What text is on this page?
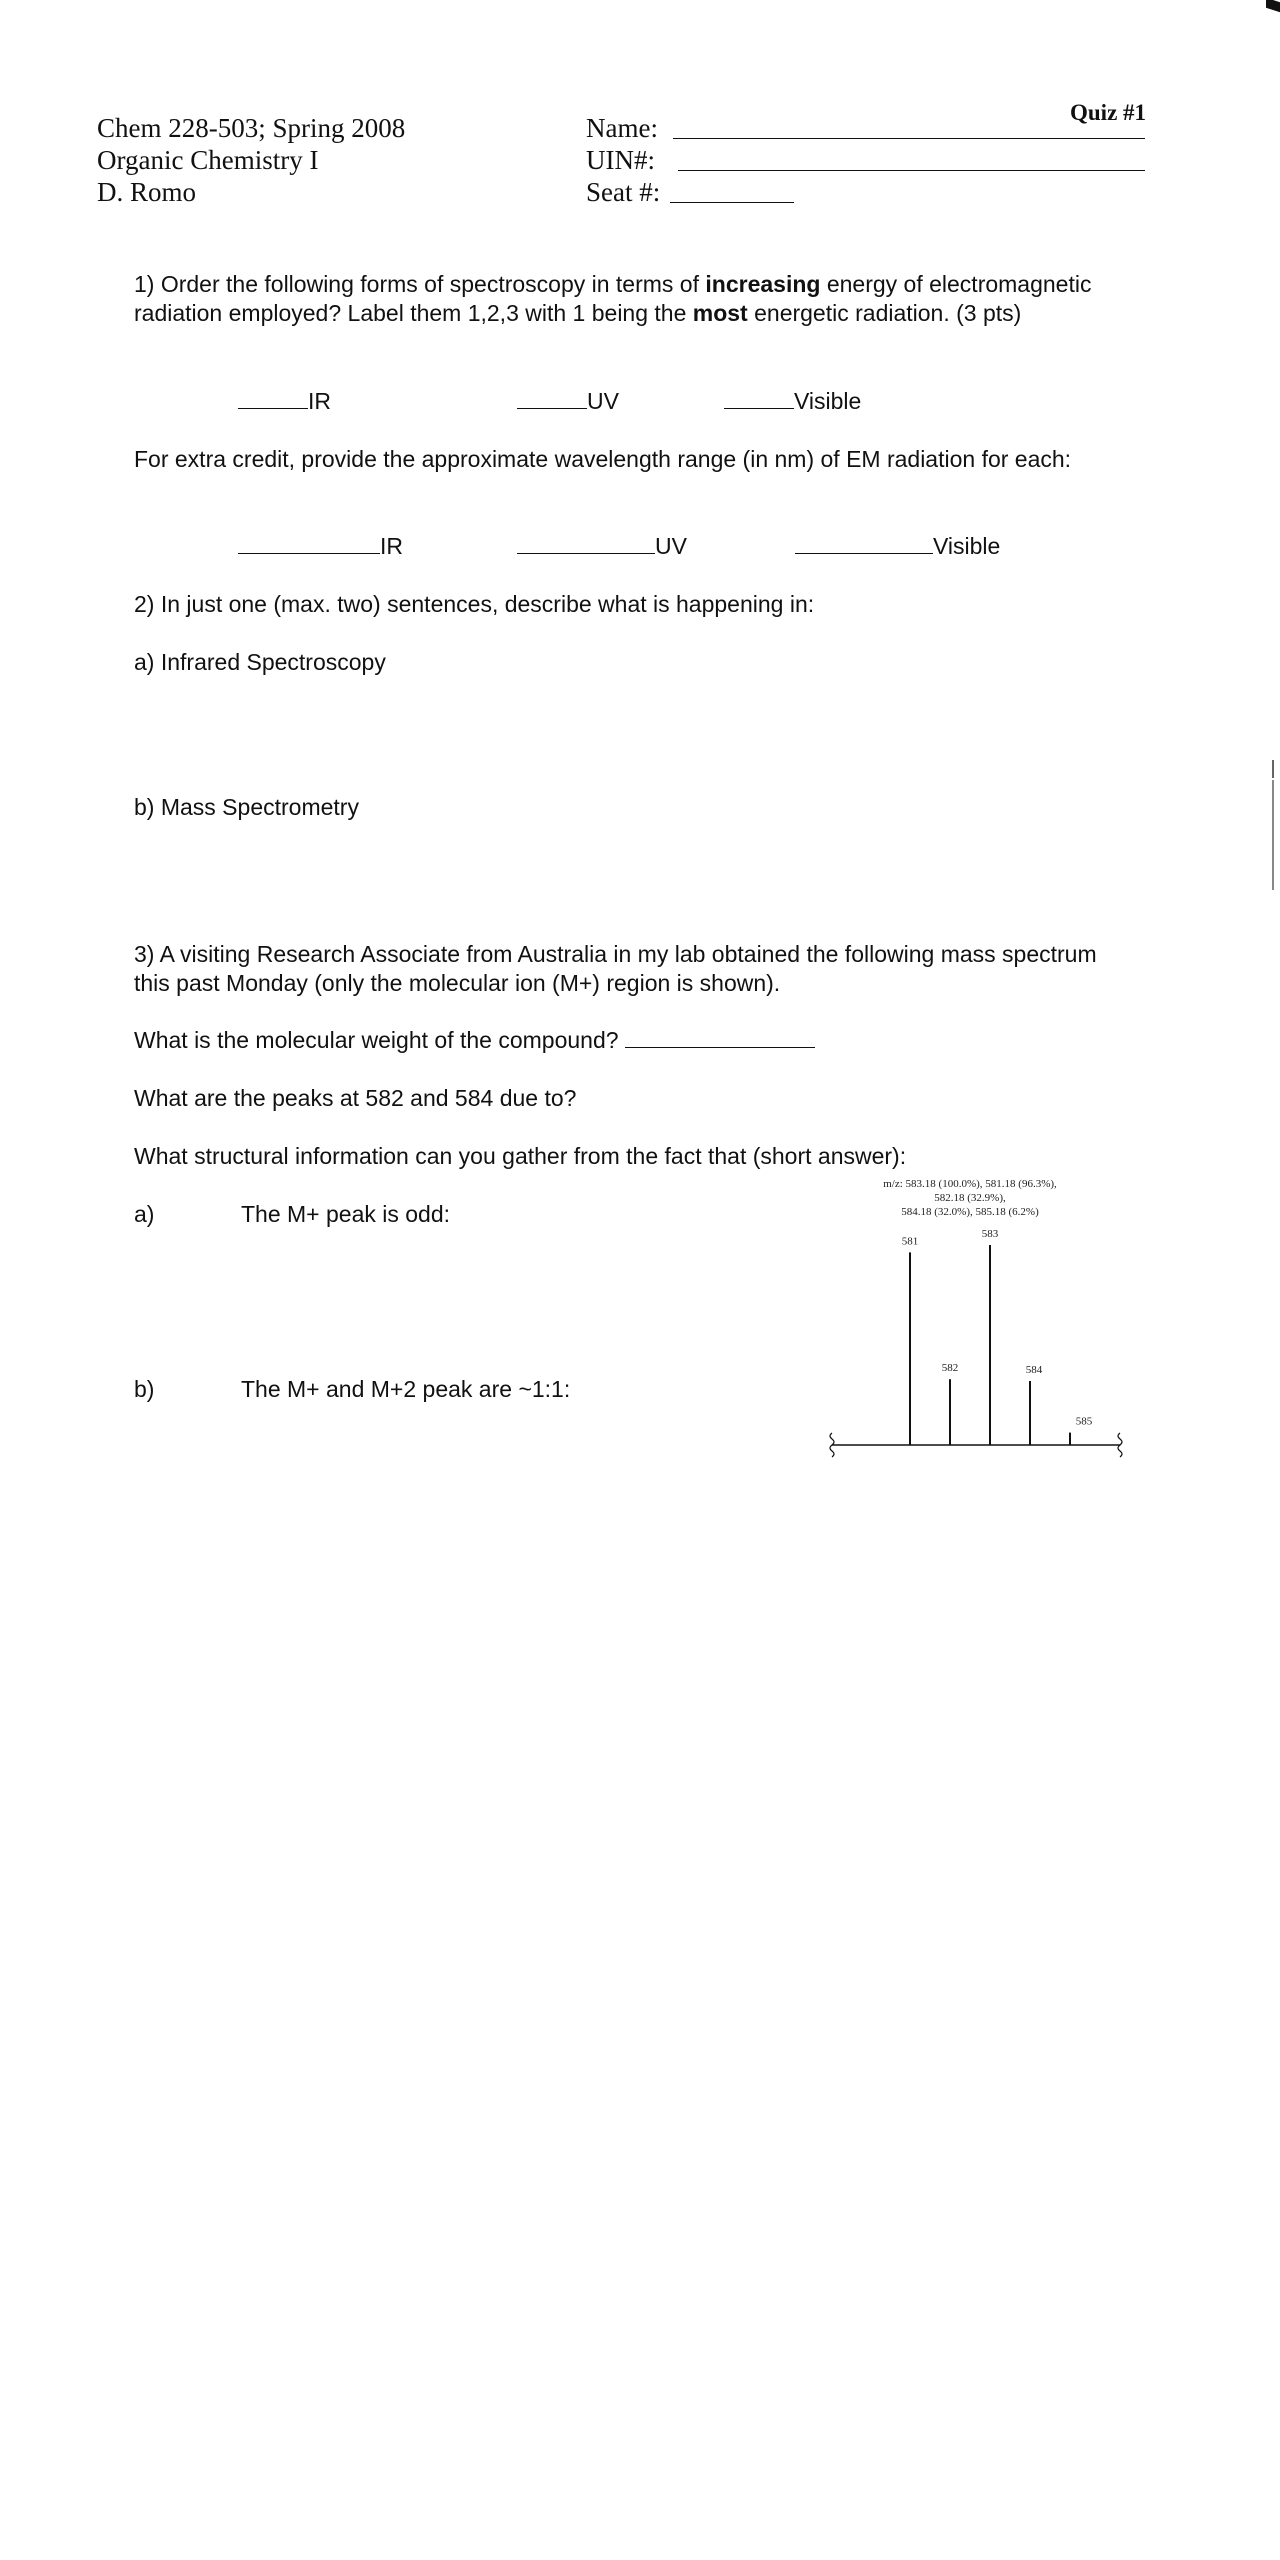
Chem 228-503; Spring 2008
Organic Chemistry I
D. Romo
Quiz #1
Name:
UIN#:
Seat #:
1) Order the following forms of spectroscopy in terms of increasing energy of electromagnetic radiation employed? Label them 1,2,3 with 1 being the most energetic radiation. (3 pts)
IR	UV	Visible
For extra credit, provide the approximate wavelength range (in nm) of EM radiation for each:
IR	UV	Visible
2) In just one (max. two) sentences, describe what is happening in:
a) Infrared Spectroscopy
b) Mass Spectrometry
3) A visiting Research Associate from Australia in my lab obtained the following mass spectrum this past Monday (only the molecular ion (M+) region is shown).
What is the molecular weight of the compound?
What are the peaks at 582 and 584 due to?
What structural information can you gather from the fact that (short answer):
a)	The M+ peak is odd:
b)	The M+ and M+2 peak are ~1:1:
m/z: 583.18 (100.0%), 581.18 (96.3%),
582.18 (32.9%),
584.18 (32.0%), 585.18 (6.2%)
581
582
583
584
585
